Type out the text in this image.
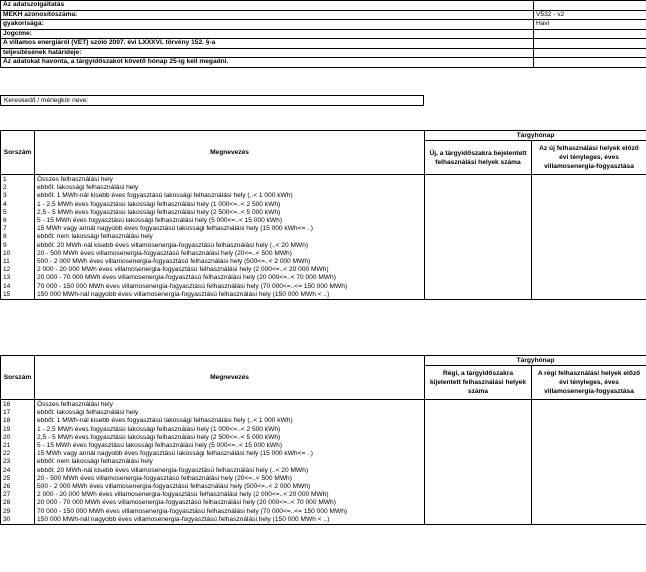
Az adatszolgáltatás	
MEKH azonosítószáma:	V532 - v2
gyakorisága:	Havi
Jogcíme:	
A villamos energiáról (VET) szóló 2007. évi LXXXVI. törvény 152. §-a	
teljesítésének határideje:	
Az adatokat havonta, a tárgyidőszakot követő hónap 25-ig kell megadni.	
Kereskedő / mérlegkör neve:
Sorszám	Megnevezés	Tárgyhónap	
		Új, a tárgyidőszakra bejelentett felhasználási helyek száma	Az új felhasználási helyek előző évi tényleges, éves villamosenergia-fogyasztása
1	Összes felhasználási hely		
2	ebből: lakossági felhasználási hely		
3	ebből: 1 MWh-nál kisebb éves fogyasztású lakossági felhasználási hely (..< 1 000 kWh)		
4	1 - 2,5 MWh éves fogyasztású lakossági felhasználási hely (1 000<=..< 2 500 kWh)		
5	2,5 - 5 MWh éves fogyasztású lakossági felhasználási hely (2 500<=..< 5 000 kWh)		
6	5 - 15 MWh éves fogyasztású lakossági felhasználási hely (5 000<=..< 15 000 kWh)		
7	15 MWh vagy annál nagyobb éves fogyasztású lakossági felhasználási hely (15 000 kWh<= ..)		
8	ebből: nem lakossági felhasználási hely		
9	ebből: 20 MWh-nál kisebb éves villamosenergia-fogyasztású felhasználási hely (..< 20 MWh)		
10	20 - 500 MWh éves villamosenergia-fogyasztású felhasználási hely (20<=..< 500 MWh)		
11	500 - 2 000 MWh éves villamosenergia-fogyasztású felhasználási hely (500<=..< 2 000 MWh)		
12	2 000 - 20 000 MWh éves villamosenergia-fogyasztású felhasználási hely (2 000<=..< 20 000 MWh)		
13	20 000 - 70 000 MWh éves villamosenergia-fogyasztású felhasználási hely (20 000<=..< 70 000 MWh)		
14	70 000 - 150 000 MWh éves villamosenergia-fogyasztású felhasználási hely (70 000<=..<= 150 000 MWh)		
15	150 000 MWh-nál nagyobb éves villamosenergia-fogyasztású felhasználási hely (150 000 MWh < ..)		
Sorszám	Megnevezés	Tárgyhónap	
		Régi, a tárgyidőszakra kijelentett felhasználási helyek száma	A régi felhasználási helyek előző évi tényleges, éves villamosenergia-fogyasztása
16	Összes felhasználási hely		
17	ebből: lakossági felhasználási hely		
18	ebből: 1 MWh-nál kisebb éves fogyasztású lakossági felhasználási hely (..< 1 000 kWh)		
19	1 - 2,5 MWh éves fogyasztású lakossági felhasználási hely (1 000<=..< 2 500 kWh)		
20	2,5 - 5 MWh éves fogyasztású lakossági felhasználási hely (2 500<=..< 5 000 kWh)		
21	5 - 15 MWh éves fogyasztású lakossági felhasználási hely (5 000<=..< 15 000 kWh)		
22	15 MWh vagy annál nagyobb éves fogyasztású lakossági felhasználási hely (15 000 kWh<= ..)		
23	ebből: nem lakossági felhasználási hely		
24	ebből: 20 MWh-nál kisebb éves villamosenergia-fogyasztású felhasználási hely (..< 20 MWh)		
25	20 - 500 MWh éves villamosenergia-fogyasztású felhasználási hely (20<=..< 500 MWh)		
26	500 - 2 000 MWh éves villamosenergia-fogyasztású felhasználási hely (500<=..< 2 000 MWh)		
27	2 000 - 20 000 MWh éves villamosenergia-fogyasztású felhasználási hely (2 000<=..< 20 000 MWh)		
28	20 000 - 70 000 MWh éves villamosenergia-fogyasztású felhasználási hely (20 000<=..< 70 000 MWh)		
29	70 000 - 150 000 MWh éves villamosenergia-fogyasztású felhasználási hely (70 000<=..<= 150 000 MWh)		
30	150 000 MWh-nál nagyobb éves villamosenergia-fogyasztású felhasználási hely (150 000 MWh < ..)		
